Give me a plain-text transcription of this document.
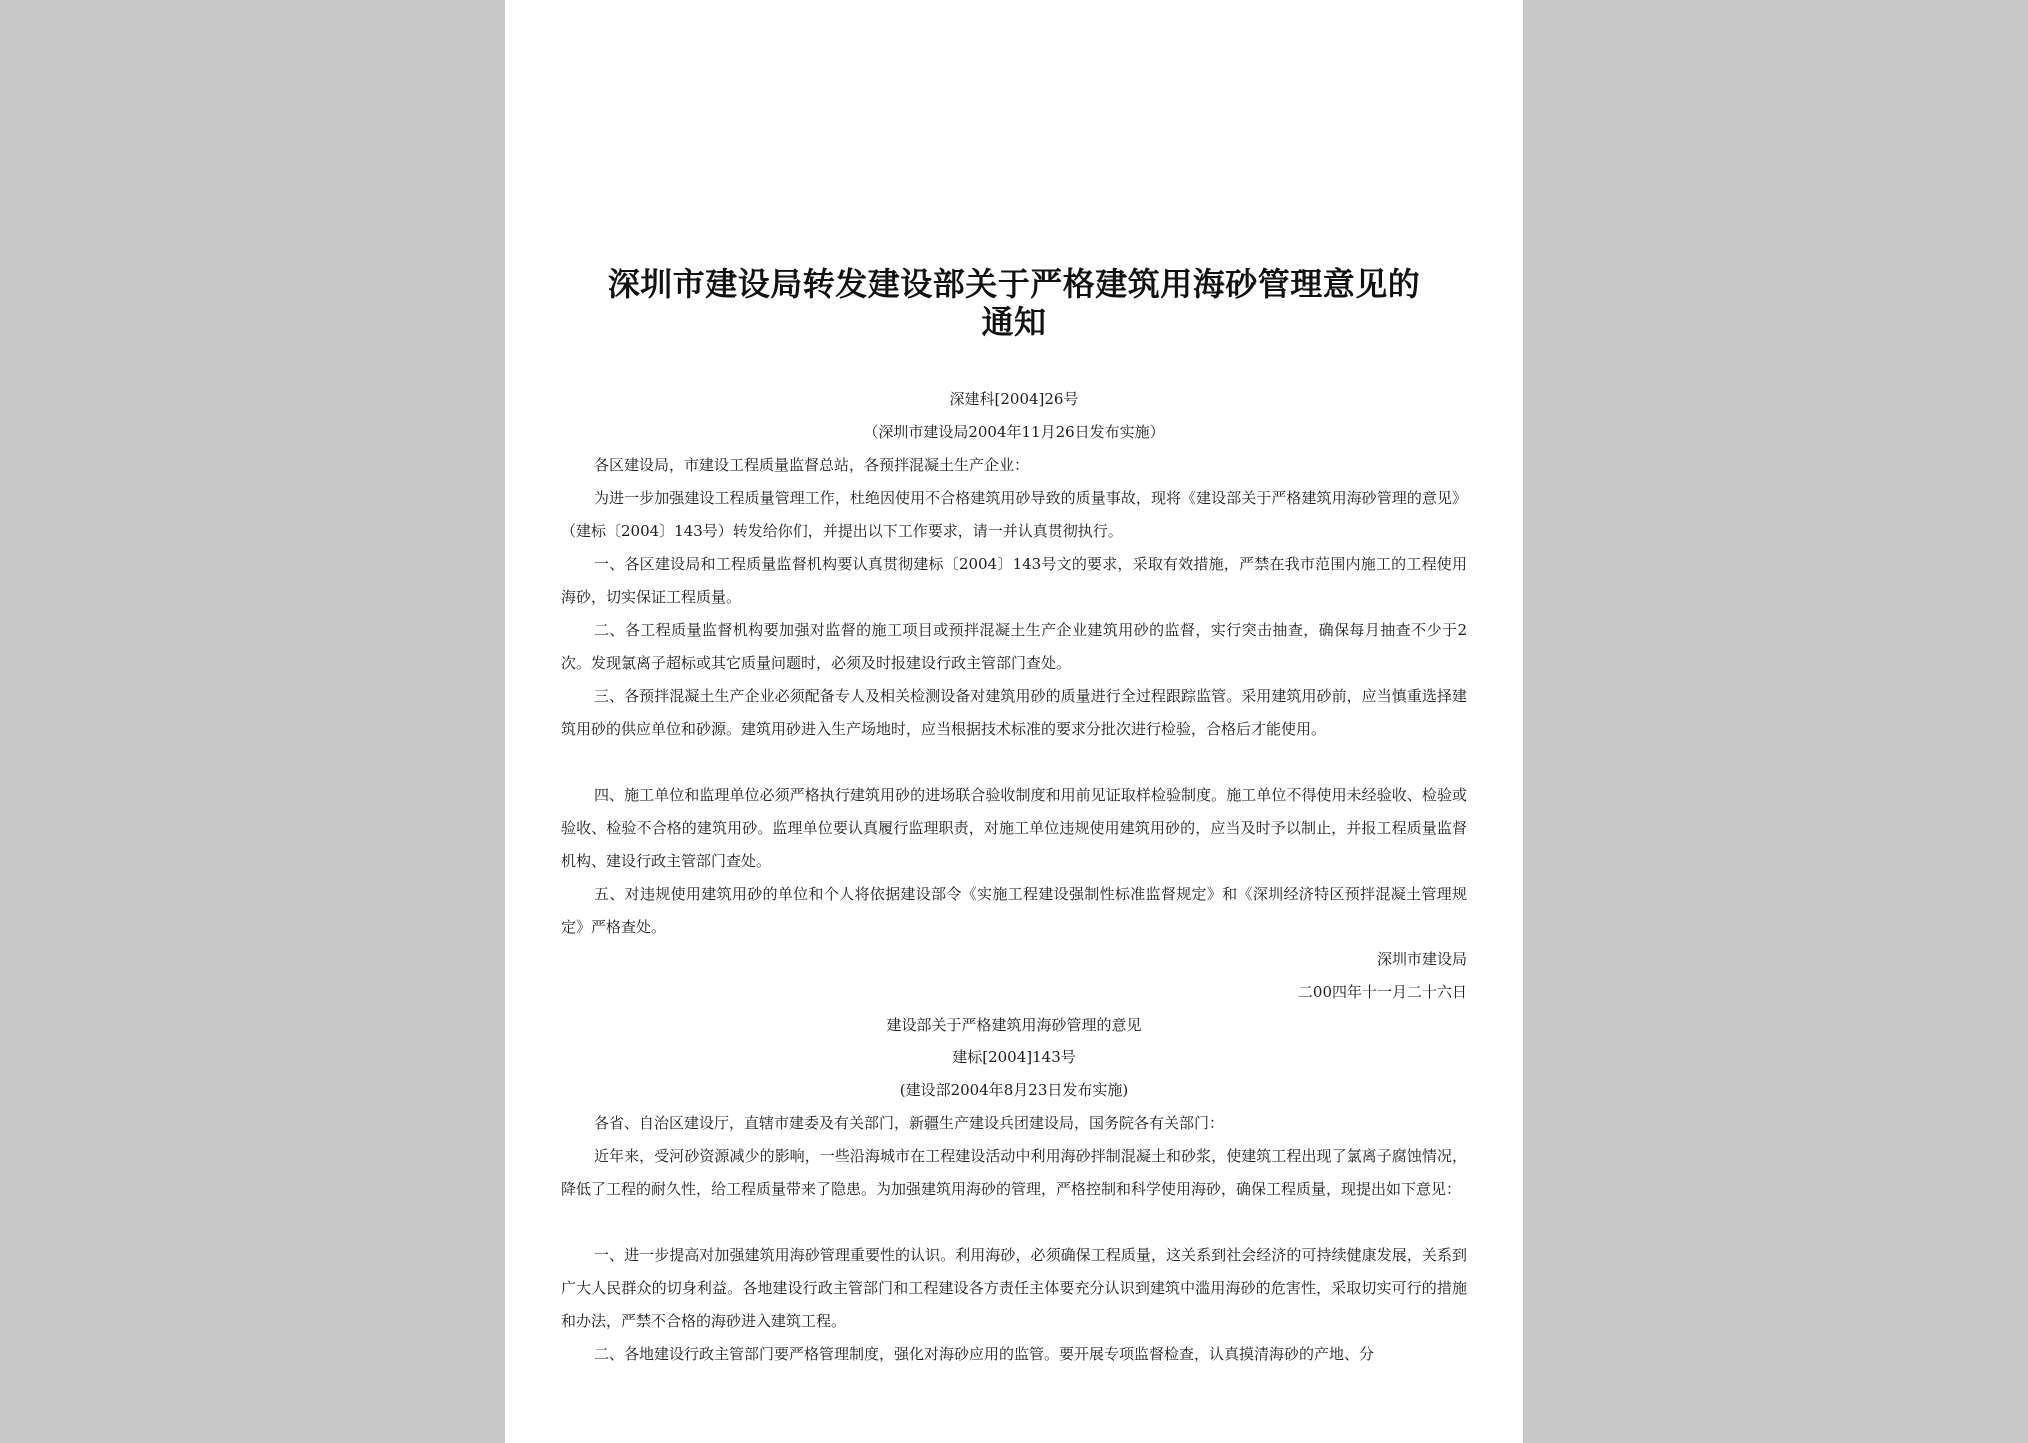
深圳市建设局转发建设部关于严格建筑用海砂管理意见的通知
深建科[2004]26号
（深圳市建设局2004年11月26日发布实施）
各区建设局，市建设工程质量监督总站，各预拌混凝土生产企业：
为进一步加强建设工程质量管理工作，杜绝因使用不合格建筑用砂导致的质量事故，现将《建设部关于严格建筑用海砂管理的意见》（建标〔2004〕143号）转发给你们，并提出以下工作要求，请一并认真贯彻执行。
一、各区建设局和工程质量监督机构要认真贯彻建标〔2004〕143号文的要求，采取有效措施，严禁在我市范围内施工的工程使用海砂，切实保证工程质量。
二、各工程质量监督机构要加强对监督的施工项目或预拌混凝土生产企业建筑用砂的监督，实行突击抽查，确保每月抽查不少于2次。发现氯离子超标或其它质量问题时，必须及时报建设行政主管部门查处。
三、各预拌混凝土生产企业必须配备专人及相关检测设备对建筑用砂的质量进行全过程跟踪监管。采用建筑用砂前，应当慎重选择建筑用砂的供应单位和砂源。建筑用砂进入生产场地时，应当根据技术标准的要求分批次进行检验，合格后才能使用。
四、施工单位和监理单位必须严格执行建筑用砂的进场联合验收制度和用前见证取样检验制度。施工单位不得使用未经验收、检验或验收、检验不合格的建筑用砂。监理单位要认真履行监理职责，对施工单位违规使用建筑用砂的，应当及时予以制止，并报工程质量监督机构、建设行政主管部门查处。
五、对违规使用建筑用砂的单位和个人将依据建设部令《实施工程建设强制性标准监督规定》和《深圳经济特区预拌混凝土管理规定》严格查处。
深圳市建设局
二00四年十一月二十六日
建设部关于严格建筑用海砂管理的意见
建标[2004]143号
(建设部2004年8月23日发布实施)
各省、自治区建设厅，直辖市建委及有关部门，新疆生产建设兵团建设局，国务院各有关部门：
近年来，受河砂资源减少的影响，一些沿海城市在工程建设活动中利用海砂拌制混凝土和砂浆，使建筑工程出现了氯离子腐蚀情况，降低了工程的耐久性，给工程质量带来了隐患。为加强建筑用海砂的管理，严格控制和科学使用海砂，确保工程质量，现提出如下意见：
一、进一步提高对加强建筑用海砂管理重要性的认识。利用海砂，必须确保工程质量，这关系到社会经济的可持续健康发展，关系到广大人民群众的切身利益。各地建设行政主管部门和工程建设各方责任主体要充分认识到建筑中滥用海砂的危害性，采取切实可行的措施和办法，严禁不合格的海砂进入建筑工程。
二、各地建设行政主管部门要严格管理制度，强化对海砂应用的监管。要开展专项监督检查，认真摸清海砂的产地、分
